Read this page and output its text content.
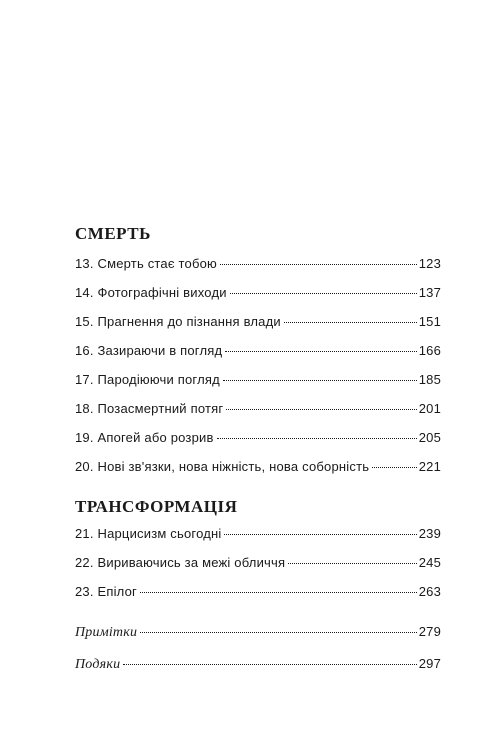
СМЕРТЬ
13. Смерть стає тобою	123
14. Фотографічні виходи	137
15. Прагнення до пізнання влади	151
16. Зазираючи в погляд	166
17. Пародіюючи погляд	185
18. Позасмертний потяг	201
19. Апогей або розрив	205
20. Нові зв'язки, нова ніжність, нова соборність	221
ТРАНСФОРМАЦІЯ
21. Нарцисизм сьогодні	239
22. Вириваючись за межі обличчя	245
23. Епілог	263
Примітки	279
Подяки	297
